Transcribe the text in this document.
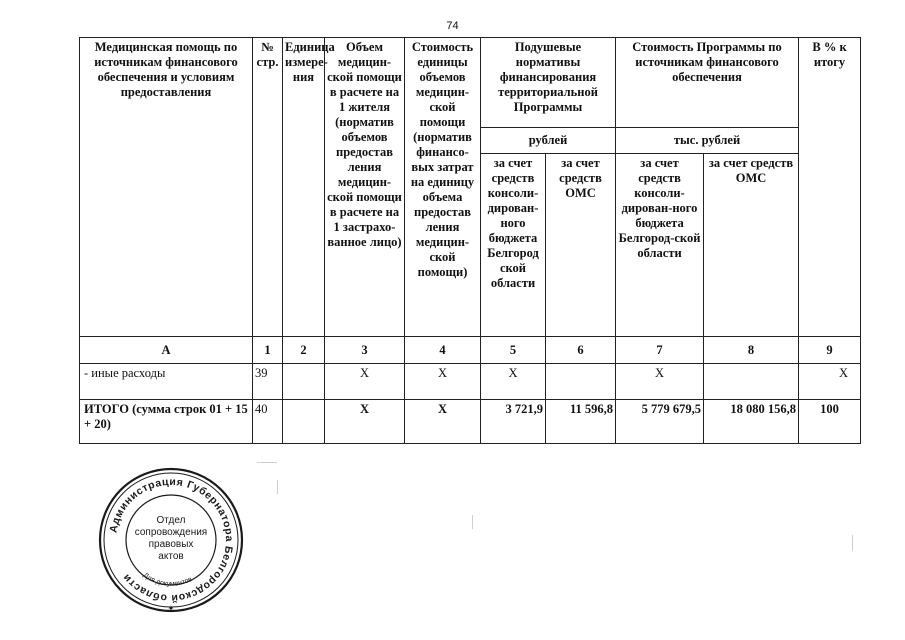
74
Медицинская помощь по источникам финансового обеспечения и условиям предоставления	№ стр.	Единица измере-ния	Объем медицин-ской помощи в расчете на 1 жителя (норматив объемов предостав ления медицин-ской помощи в расчете на 1 застрахо-ванное лицо)	Стоимость единицы объемов медицин-ской помощи (норматив финансо-вых затрат на единицу объема предостав ления медицин-ской помощи)	Подушевые нормативы финансирования территориальной Программы		Стоимость Программы по источникам финансового обеспечения		В % к итогу
					рублей		тыс. рублей		
					за счет средств консоли-дирован-ного бюджета Белгород ской области	за счет средств ОМС	за счет средств консоли-дирован-ного бюджета Белгород-ской области	за счет средств ОМС	
А	1	2	3	4	5	6	7	8	9
- иные расходы	39		Х	Х	Х		Х		Х
ИТОГО (сумма строк 01 + 15 + 20)	40		Х	Х	3 721,9	11 596,8	5 779 679,5	18 080 156,8	100
Администрация Губернатора Белгородской области	Для документов
Отдел
сопровождения
правовых
актов
✦
